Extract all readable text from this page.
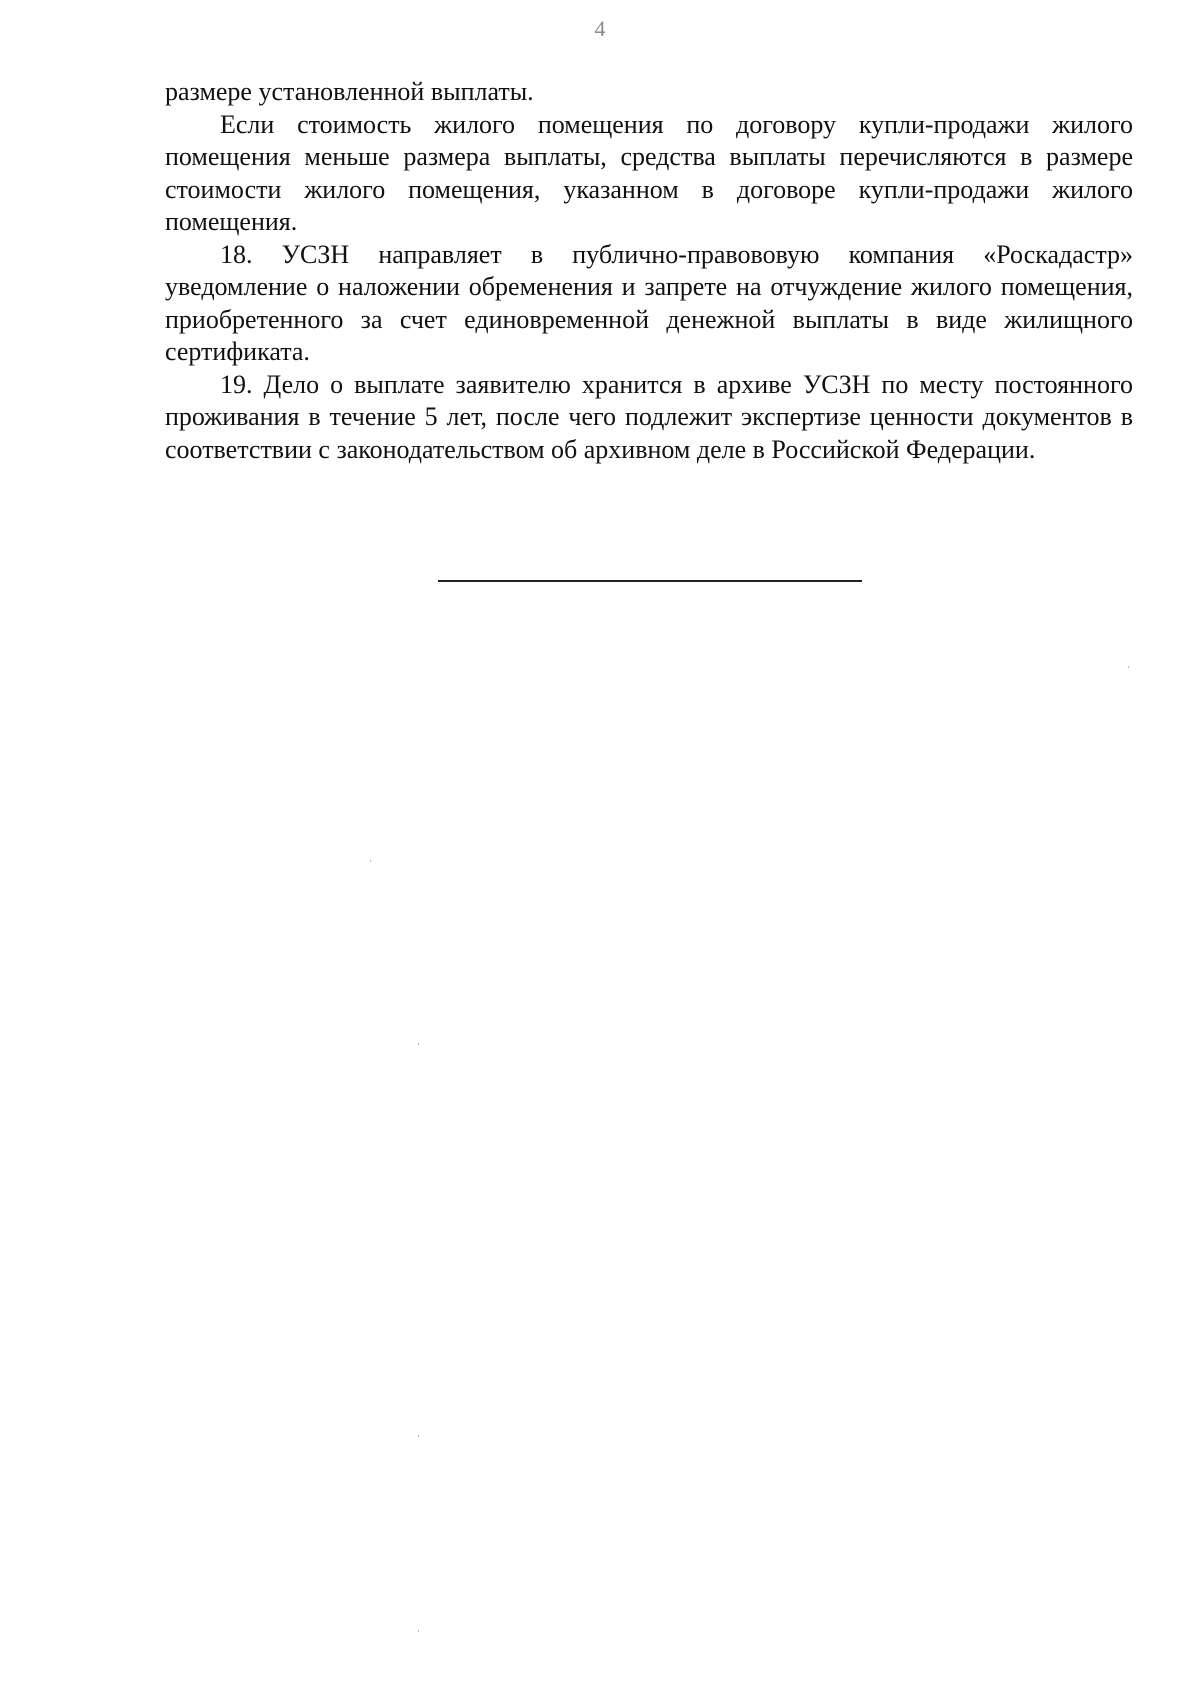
4

размере установленной выплаты.

Если стоимость жилого помещения по договору купли-продажи жилого помещения меньше размера выплаты, средства выплаты перечисляются в размере стоимости жилого помещения, указанном в договоре купли-продажи жилого помещения.

18. УСЗН направляет в публично-правововую компания «Роскадастр» уведомление о наложении обременения и запрете на отчуждение жилого помещения, приобретенного за счет единовременной денежной выплаты в виде жилищного сертификата.

19. Дело о выплате заявителю хранится в архиве УСЗН по месту постоянного проживания в течение 5 лет, после чего подлежит экспертизе ценности документов в соответствии с законодательством об архивном деле в Российской Федерации.
